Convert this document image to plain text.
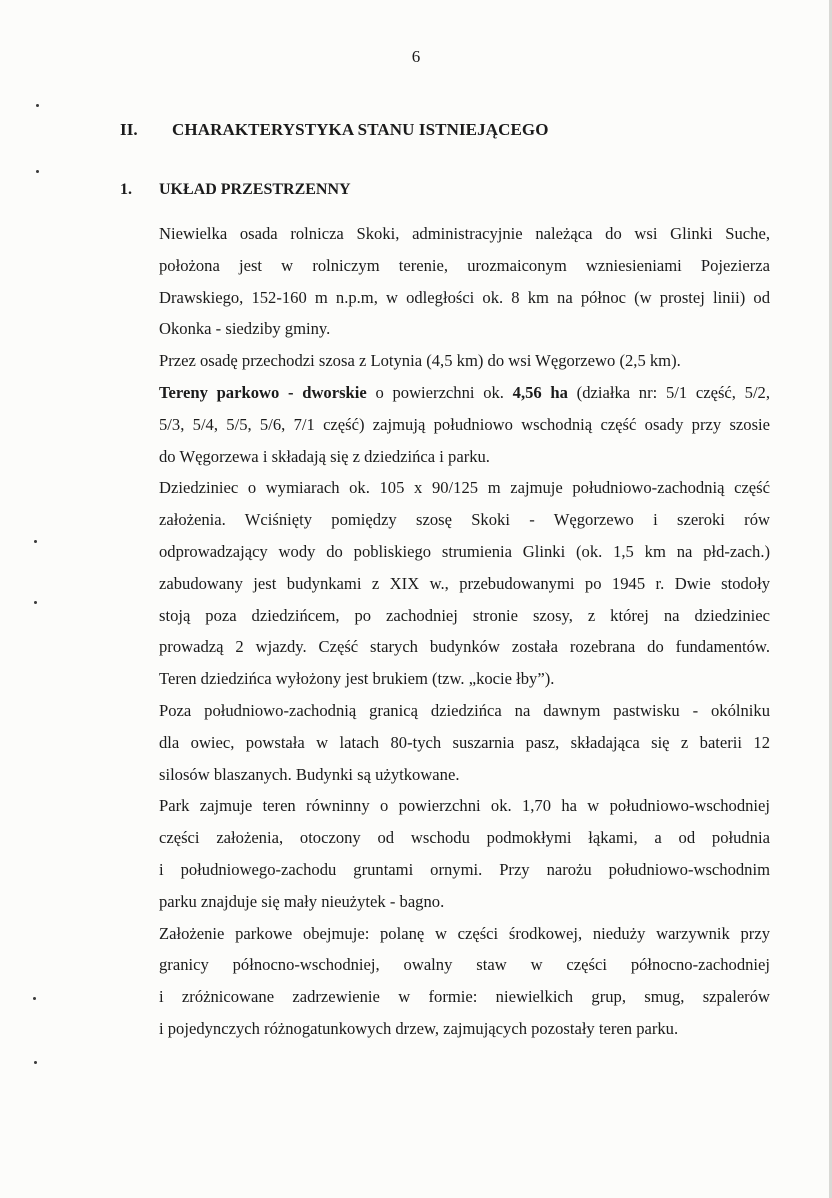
6
II. CHARAKTERYSTYKA STANU ISTNIEJĄCEGO
1. UKŁAD PRZESTRZENNY

Niewielka osada rolnicza Skoki, administracyjnie należąca do wsi Glinki Suche,
położona jest w rolniczym terenie, urozmaiconym wzniesieniami Pojezierza
Drawskiego, 152-160 m n.p.m, w odległości ok. 8 km na północ (w prostej linii) od
Okonka - siedziby gminy.

Przez osadę przechodzi szosa z Lotynia (4,5 km) do wsi Węgorzewo (2,5 km).

Tereny parkowo - dworskie o powierzchni ok. 4,56 ha (działka nr: 5/1 część, 5/2,
5/3, 5/4, 5/5, 5/6, 7/1 część) zajmują południowo wschodnią część osady przy szosie
do Węgorzewa i składają się z dziedzińca i parku.

Dziedziniec o wymiarach ok. 105 x 90/125 m zajmuje południowo-zachodnią część
założenia. Wciśnięty pomiędzy szosę Skoki - Węgorzewo i szeroki rów
odprowadzający wody do pobliskiego strumienia Glinki (ok. 1,5 km na płd-zach.)
zabudowany jest budynkami z XIX w., przebudowanymi po 1945 r. Dwie stodoły
stoją poza dziedzińcem, po zachodniej stronie szosy, z której na dziedziniec
prowadzą 2 wjazdy. Część starych budynków została rozebrana do fundamentów.
Teren dziedzińca wyłożony jest brukiem (tzw. „kocie łby”).

Poza południowo-zachodnią granicą dziedzińca na dawnym pastwisku - okólniku
dla owiec, powstała w latach 80-tych suszarnia pasz, składająca się z baterii 12
silosów blaszanych. Budynki są użytkowane.

Park zajmuje teren równinny o powierzchni ok. 1,70 ha w południowo-wschodniej
części założenia, otoczony od wschodu podmokłymi łąkami, a od południa
i południowego-zachodu gruntami ornymi. Przy narożu południowo-wschodnim
parku znajduje się mały nieużytek - bagno.

Założenie parkowe obejmuje: polanę w części środkowej, nieduży warzywnik przy
granicy północno-wschodniej, owalny staw w części północno-zachodniej
i zróżnicowane zadrzewienie w formie: niewielkich grup, smug, szpalerów
i pojedynczych różnogatunkowych drzew, zajmujących pozostały teren parku.
